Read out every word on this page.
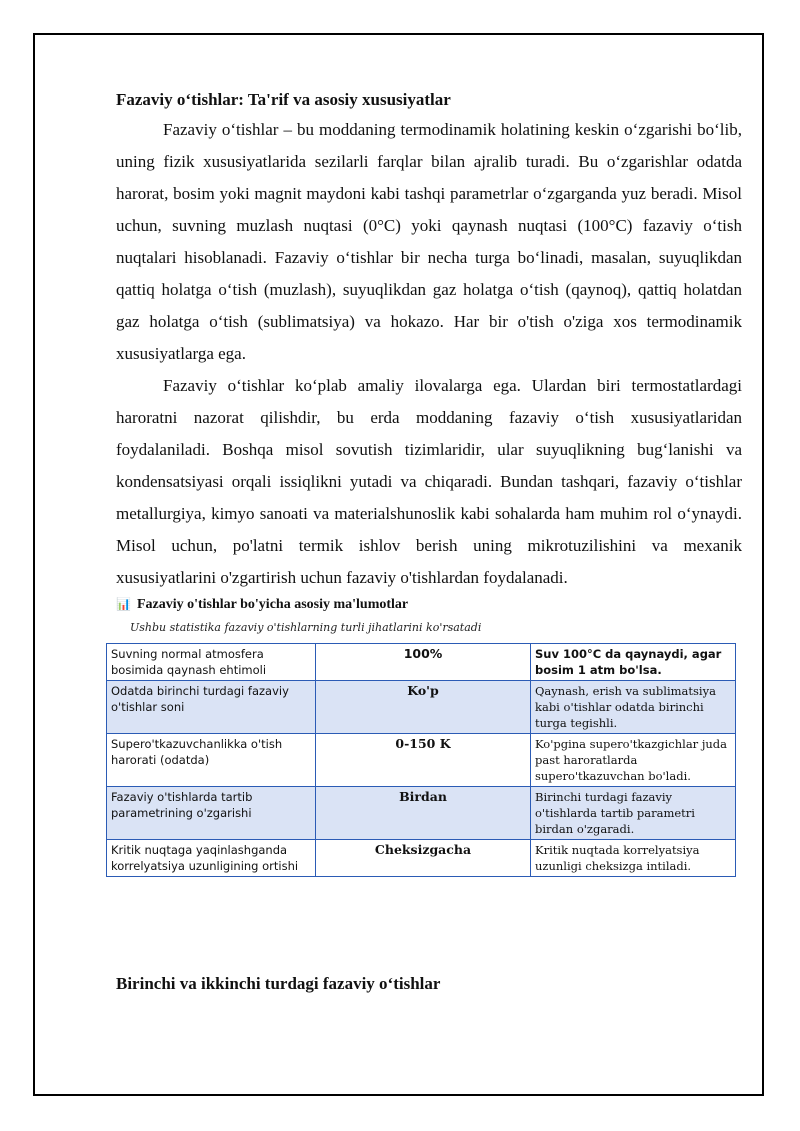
Fazaviy o‘tishlar: Ta'rif va asosiy xususiyatlar

Fazaviy o‘tishlar – bu moddaning termodinamik holatining keskin o‘zgarishi bo‘lib, uning fizik xususiyatlarida sezilarli farqlar bilan ajralib turadi. Bu o‘zgarishlar odatda harorat, bosim yoki magnit maydoni kabi tashqi parametrlar o‘zgarganda yuz beradi. Misol uchun, suvning muzlash nuqtasi (0°C) yoki qaynash nuqtasi (100°C) fazaviy o‘tish nuqtalari hisoblanadi. Fazaviy o‘tishlar bir necha turga bo‘linadi, masalan, suyuqlikdan qattiq holatga o‘tish (muzlash), suyuqlikdan gaz holatga o‘tish (qaynoq), qattiq holatdan gaz holatga o‘tish (sublimatsiya) va hokazo. Har bir o'tish o'ziga xos termodinamik xususiyatlarga ega.

Fazaviy o‘tishlar ko‘plab amaliy ilovalarga ega. Ulardan biri termostatlardagi haroratni nazorat qilishdir, bu erda moddaning fazaviy o‘tish xususiyatlaridan foydalaniladi. Boshqa misol sovutish tizimlaridir, ular suyuqlikning bug‘lanishi va kondensatsiyasi orqali issiqlikni yutadi va chiqaradi. Bundan tashqari, fazaviy o‘tishlar metallurgiya, kimyo sanoati va materialshunoslik kabi sohalarda ham muhim rol o‘ynaydi. Misol uchun, po'latni termik ishlov berish uning mikrotuzilishini va mexanik xususiyatlarini o'zgartirish uchun fazaviy o'tishlardan foydalanadi.

📊 Fazaviy o'tishlar bo'yicha asosiy ma'lumotlar
Ushbu statistika fazaviy o'tishlarning turli jihatlarini ko'rsatadi
Suvning normal atmosfera bosimida qaynash ehtimoli	100%	Suv 100°C da qaynaydi, agar bosim 1 atm bo'lsa.
Odatda birinchi turdagi fazaviy o'tishlar soni	Ko'p	Qaynash, erish va sublimatsiya kabi o'tishlar odatda birinchi turga tegishli.
Supero'tkazuvchanlikka o'tish harorati (odatda)	0-150 K	Ko'pgina supero'tkazgichlar juda past haroratlarda supero'tkazuvchan bo'ladi.
Fazaviy o'tishlarda tartib parametrining o'zgarishi	Birdan	Birinchi turdagi fazaviy o'tishlarda tartib parametri birdan o'zgaradi.
Kritik nuqtaga yaqinlashganda korrelyatsiya uzunligining ortishi	Cheksizgacha	Kritik nuqtada korrelyatsiya uzunligi cheksizga intiladi.
Birinchi va ikkinchi turdagi fazaviy o‘tishlar
